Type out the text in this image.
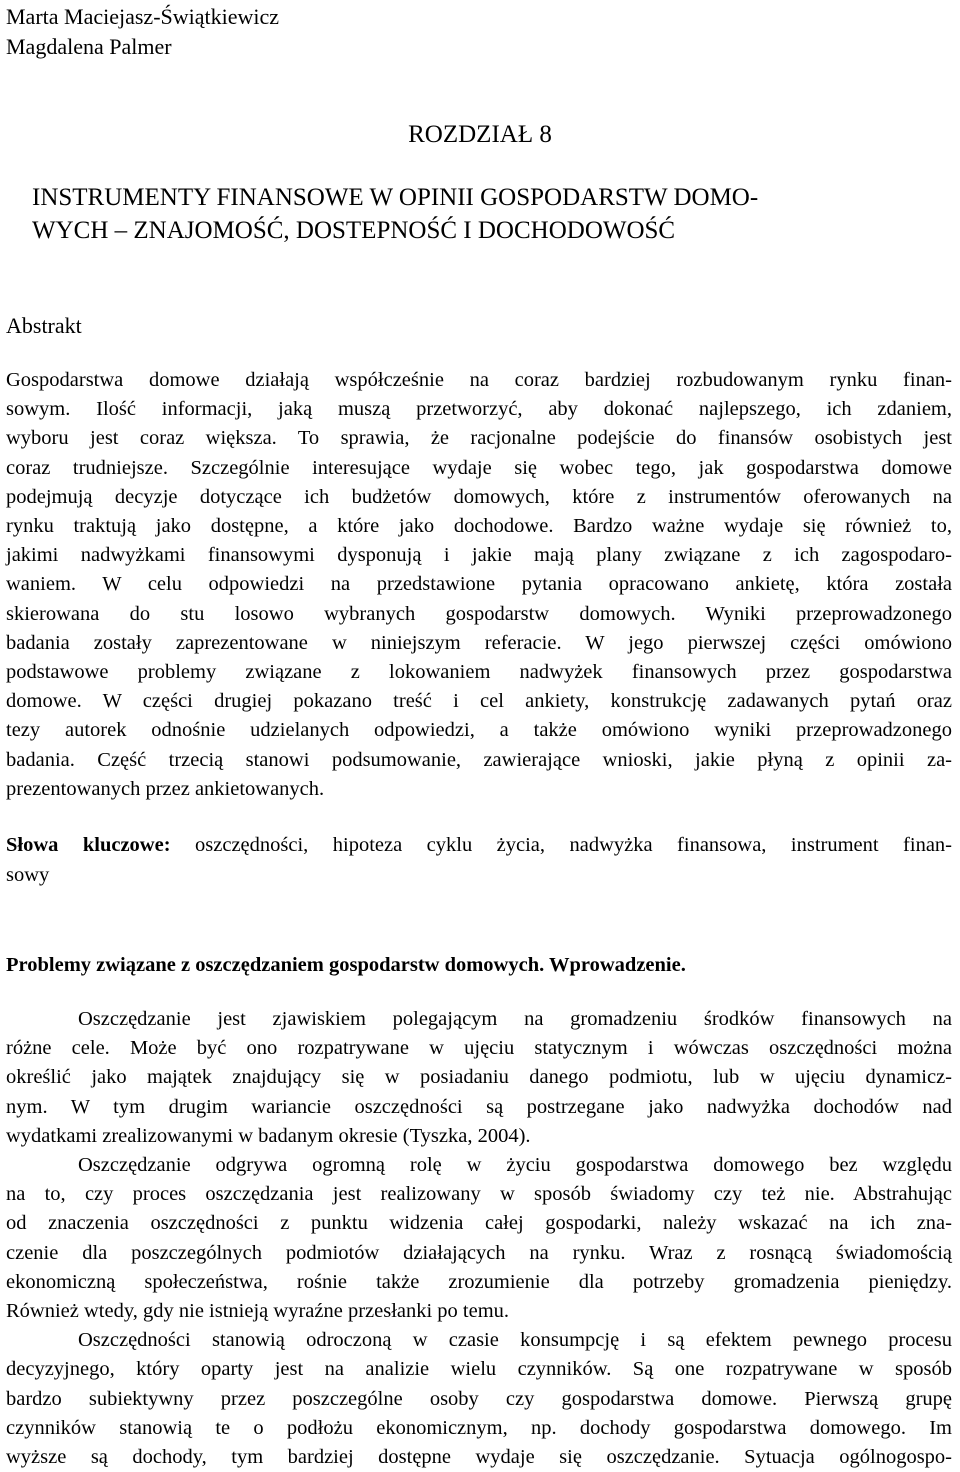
Marta Maciejasz-Świątkiewicz
Magdalena Palmer
ROZDZIAŁ 8
INSTRUMENTY FINANSOWE W OPINII GOSPODARSTW DOMO-
WYCH – ZNAJOMOŚĆ, DOSTEPNOŚĆ I DOCHODOWOŚĆ
Abstrakt
Gospodarstwa domowe działają współcześnie na coraz bardziej rozbudowanym rynku finan-
sowym. Ilość informacji, jaką muszą przetworzyć, aby dokonać najlepszego, ich zdaniem,
wyboru jest coraz większa. To sprawia, że racjonalne podejście do finansów osobistych jest
coraz trudniejsze. Szczególnie interesujące wydaje się wobec tego, jak gospodarstwa domowe
podejmują decyzje dotyczące ich budżetów domowych, które z instrumentów oferowanych na
rynku traktują jako dostępne, a które jako dochodowe. Bardzo ważne wydaje się również to,
jakimi nadwyżkami finansowymi dysponują i jakie mają plany związane z ich zagospodaro-
waniem. W celu odpowiedzi na przedstawione pytania opracowano ankietę, która została
skierowana do stu losowo wybranych gospodarstw domowych. Wyniki przeprowadzonego
badania zostały zaprezentowane w niniejszym referacie. W jego pierwszej części omówiono
podstawowe problemy związane z lokowaniem nadwyżek finansowych przez gospodarstwa
domowe. W części drugiej pokazano treść i cel ankiety, konstrukcję zadawanych pytań oraz
tezy autorek odnośnie udzielanych odpowiedzi, a także omówiono wyniki przeprowadzonego
badania. Część trzecią stanowi podsumowanie, zawierające wnioski, jakie płyną z opinii za-
prezentowanych przez ankietowanych.
Słowa kluczowe: oszczędności, hipoteza cyklu życia, nadwyżka finansowa, instrument finan-
sowy
Problemy związane z oszczędzaniem gospodarstw domowych. Wprowadzenie.
Oszczędzanie jest zjawiskiem polegającym na gromadzeniu środków finansowych na
różne cele. Może być ono rozpatrywane w ujęciu statycznym i wówczas oszczędności można
określić jako majątek znajdujący się w posiadaniu danego podmiotu, lub w ujęciu dynamicz-
nym. W tym drugim wariancie oszczędności są postrzegane jako nadwyżka dochodów nad
wydatkami zrealizowanymi w badanym okresie (Tyszka, 2004).
Oszczędzanie odgrywa ogromną rolę w życiu gospodarstwa domowego bez względu
na to, czy proces oszczędzania jest realizowany w sposób świadomy czy też nie. Abstrahując
od znaczenia oszczędności z punktu widzenia całej gospodarki, należy wskazać na ich zna-
czenie dla poszczególnych podmiotów działających na rynku. Wraz z rosnącą świadomością
ekonomiczną społeczeństwa, rośnie także zrozumienie dla potrzeby gromadzenia pieniędzy.
Również wtedy, gdy nie istnieją wyraźne przesłanki po temu.
Oszczędności stanowią odroczoną w czasie konsumpcję i są efektem pewnego procesu
decyzyjnego, który oparty jest na analizie wielu czynników. Są one rozpatrywane w sposób
bardzo subiektywny przez poszczególne osoby czy gospodarstwa domowe. Pierwszą grupę
czynników stanowią te o podłożu ekonomicznym, np. dochody gospodarstwa domowego. Im
wyższe są dochody, tym bardziej dostępne wydaje się oszczędzanie. Sytuacja ogólnogospo-
